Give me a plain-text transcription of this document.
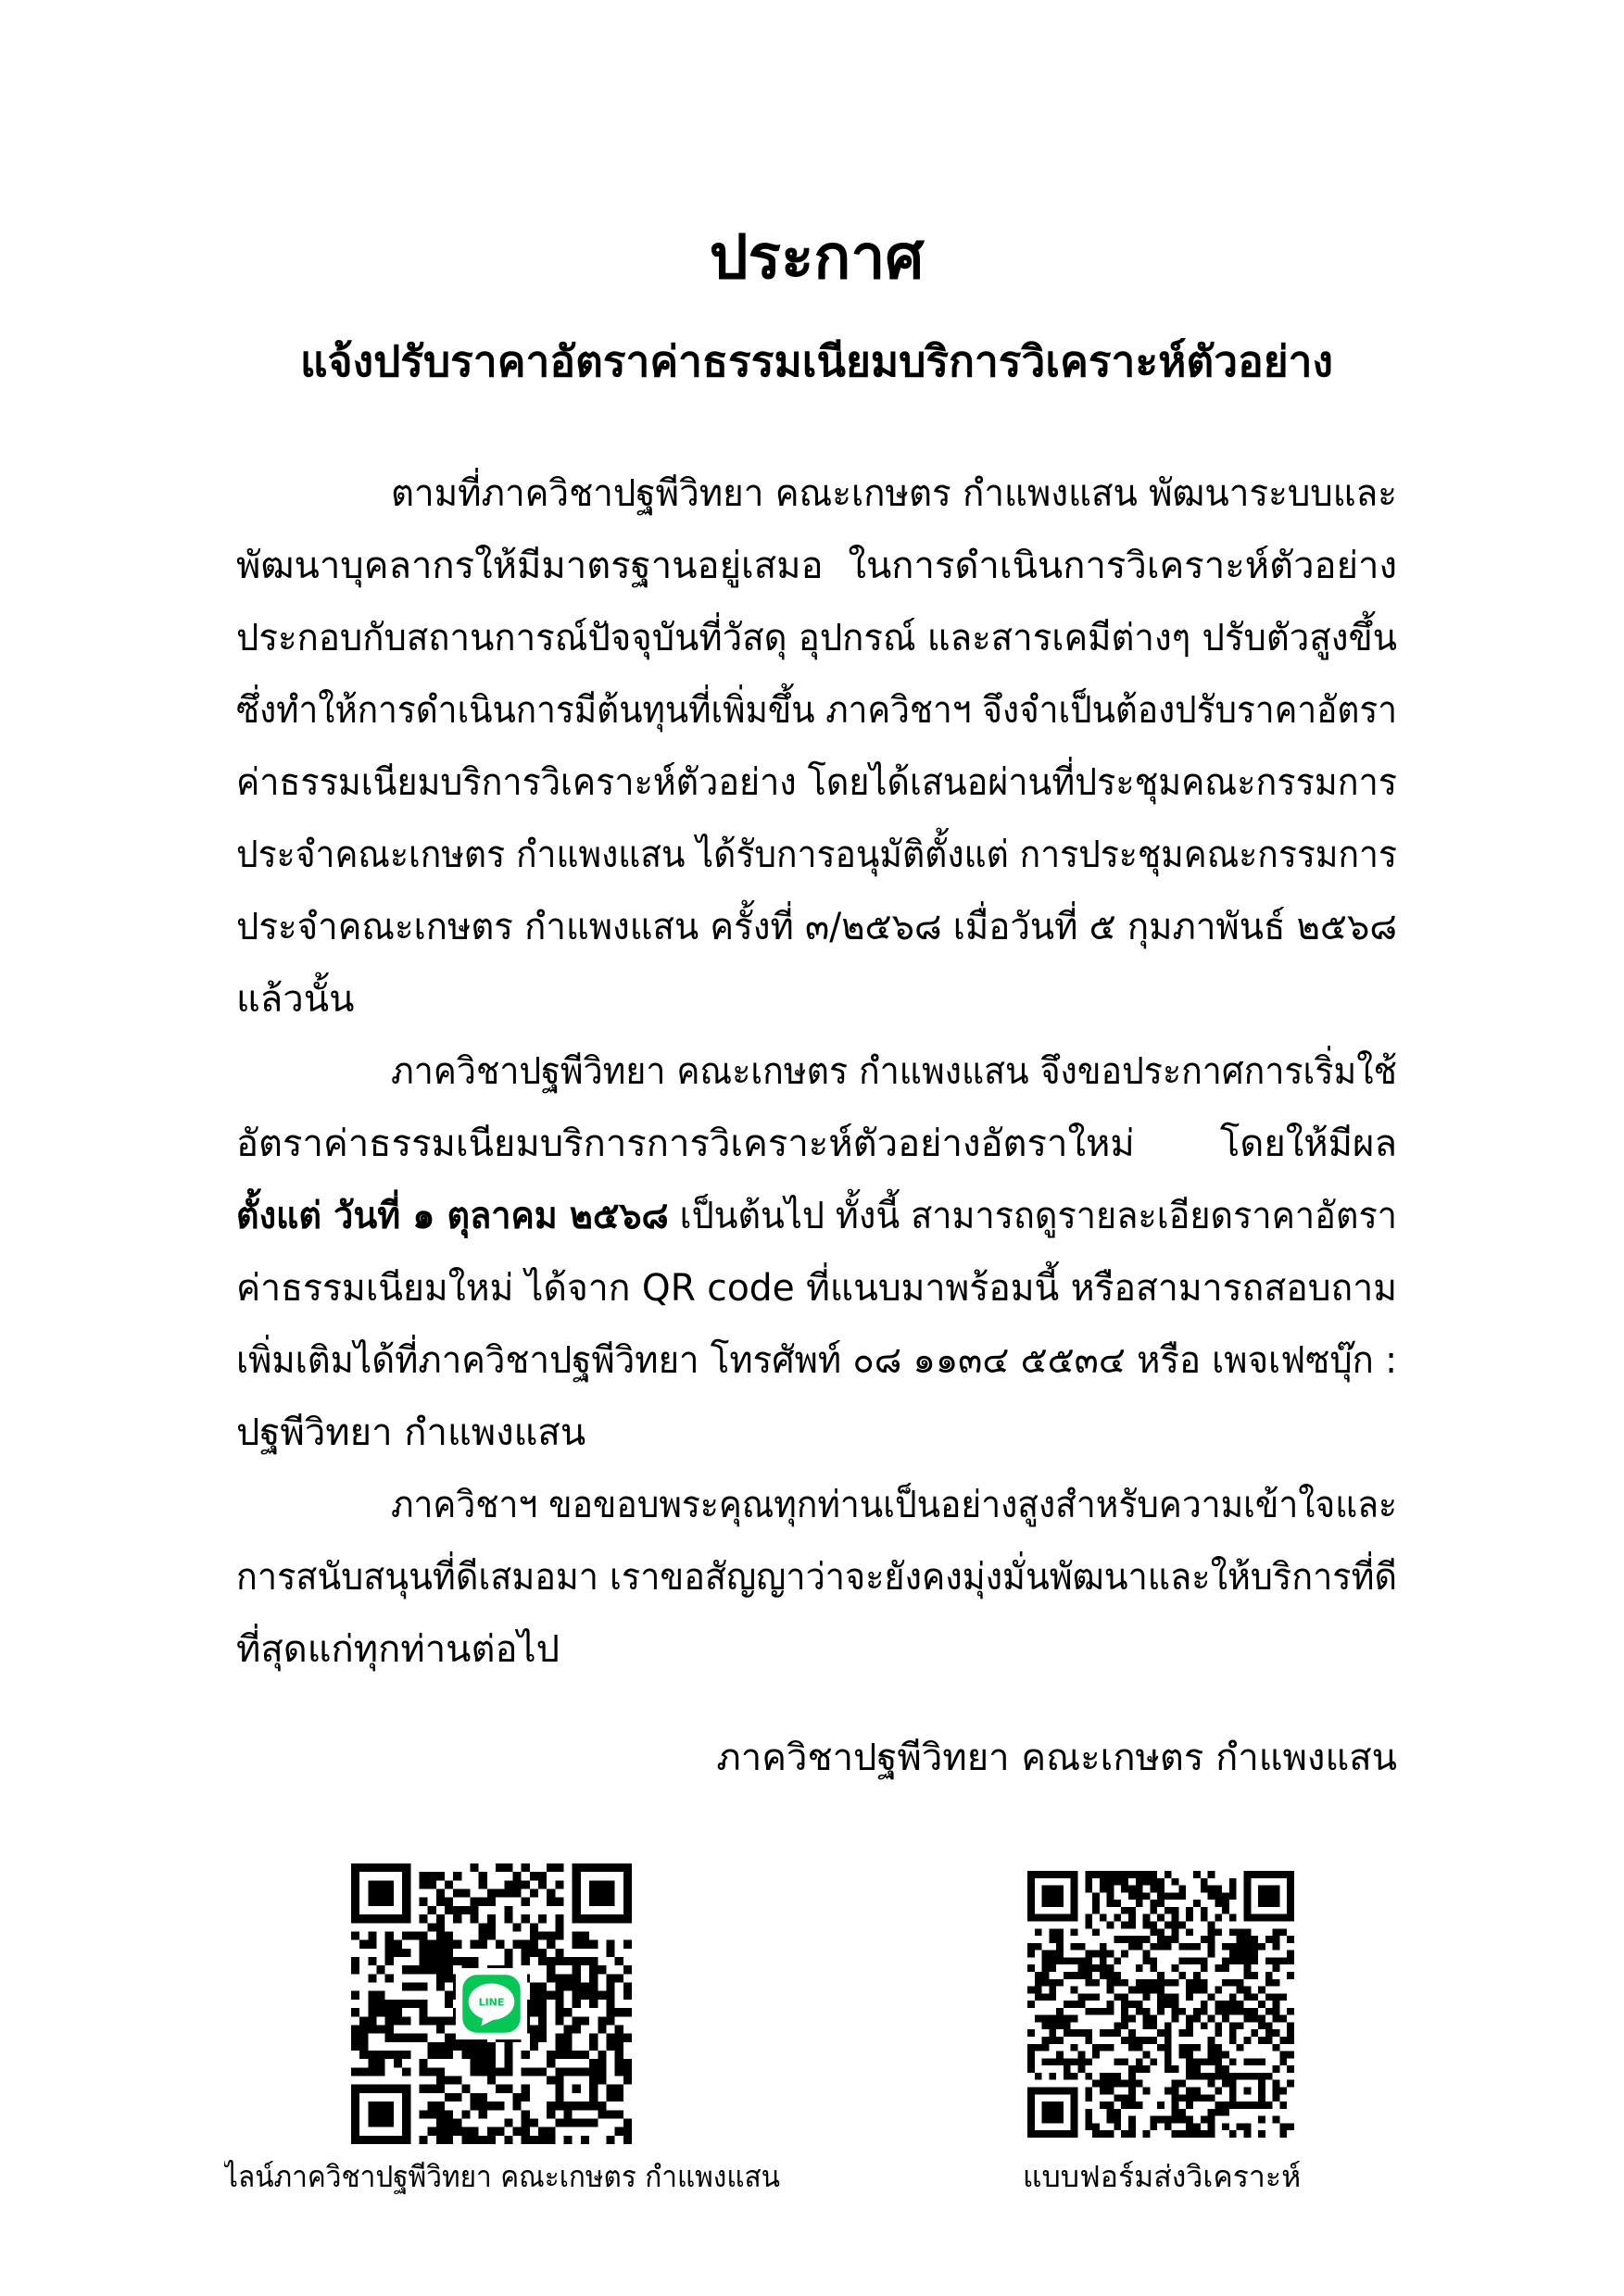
ประกาศ
แจ้งปรับราคาอัตราค่าธรรมเนียมบริการวิเคราะห์ตัวอย่าง
ตามที่ภาควิชาปฐพีวิทยา คณะเกษตร กำแพงแสน พัฒนาระบบและ
พัฒนาบุคลากรให้มีมาตรฐานอยู่เสมอ ในการดำเนินการวิเคราะห์ตัวอย่าง
ประกอบกับสถานการณ์ปัจจุบันที่วัสดุ อุปกรณ์ และสารเคมีต่างๆ ปรับตัวสูงขึ้น
ซึ่งทำให้การดำเนินการมีต้นทุนที่เพิ่มขึ้น ภาควิชาฯ จึงจำเป็นต้องปรับราคาอัตรา
ค่าธรรมเนียมบริการวิเคราะห์ตัวอย่าง โดยได้เสนอผ่านที่ประชุมคณะกรรมการ
ประจำคณะเกษตร กำแพงแสน ได้รับการอนุมัติตั้งแต่ การประชุมคณะกรรมการ
ประจำคณะเกษตร กำแพงแสน ครั้งที่ ๓/๒๕๖๘ เมื่อวันที่ ๕ กุมภาพันธ์ ๒๕๖๘
แล้วนั้น
ภาควิชาปฐพีวิทยา คณะเกษตร กำแพงแสน จึงขอประกาศการเริ่มใช้
อัตราค่าธรรมเนียมบริการการวิเคราะห์ตัวอย่างอัตราใหม่ โดยให้มีผล
ตั้งแต่ วันที่ ๑ ตุลาคม ๒๕๖๘ เป็นต้นไป ทั้งนี้ สามารถดูรายละเอียดราคาอัตรา
ค่าธรรมเนียมใหม่ ได้จาก QR code ที่แนบมาพร้อมนี้ หรือสามารถสอบถาม
เพิ่มเติมได้ที่ภาควิชาปฐพีวิทยา โทรศัพท์ ๐๘ ๑๑๓๔ ๕๕๓๔ หรือ เพจเฟซบุ๊ก :
ปฐพีวิทยา กำแพงแสน
ภาควิชาฯ ขอขอบพระคุณทุกท่านเป็นอย่างสูงสำหรับความเข้าใจและ
การสนับสนุนที่ดีเสมอมา เราขอสัญญาว่าจะยังคงมุ่งมั่นพัฒนาและให้บริการที่ดี
ที่สุดแก่ทุกท่านต่อไป
ภาควิชาปฐพีวิทยา คณะเกษตร กำแพงแสน
LINE
ไลน์ภาควิชาปฐพีวิทยา คณะเกษตร กำแพงแสน	แบบฟอร์มส่งวิเคราะห์
